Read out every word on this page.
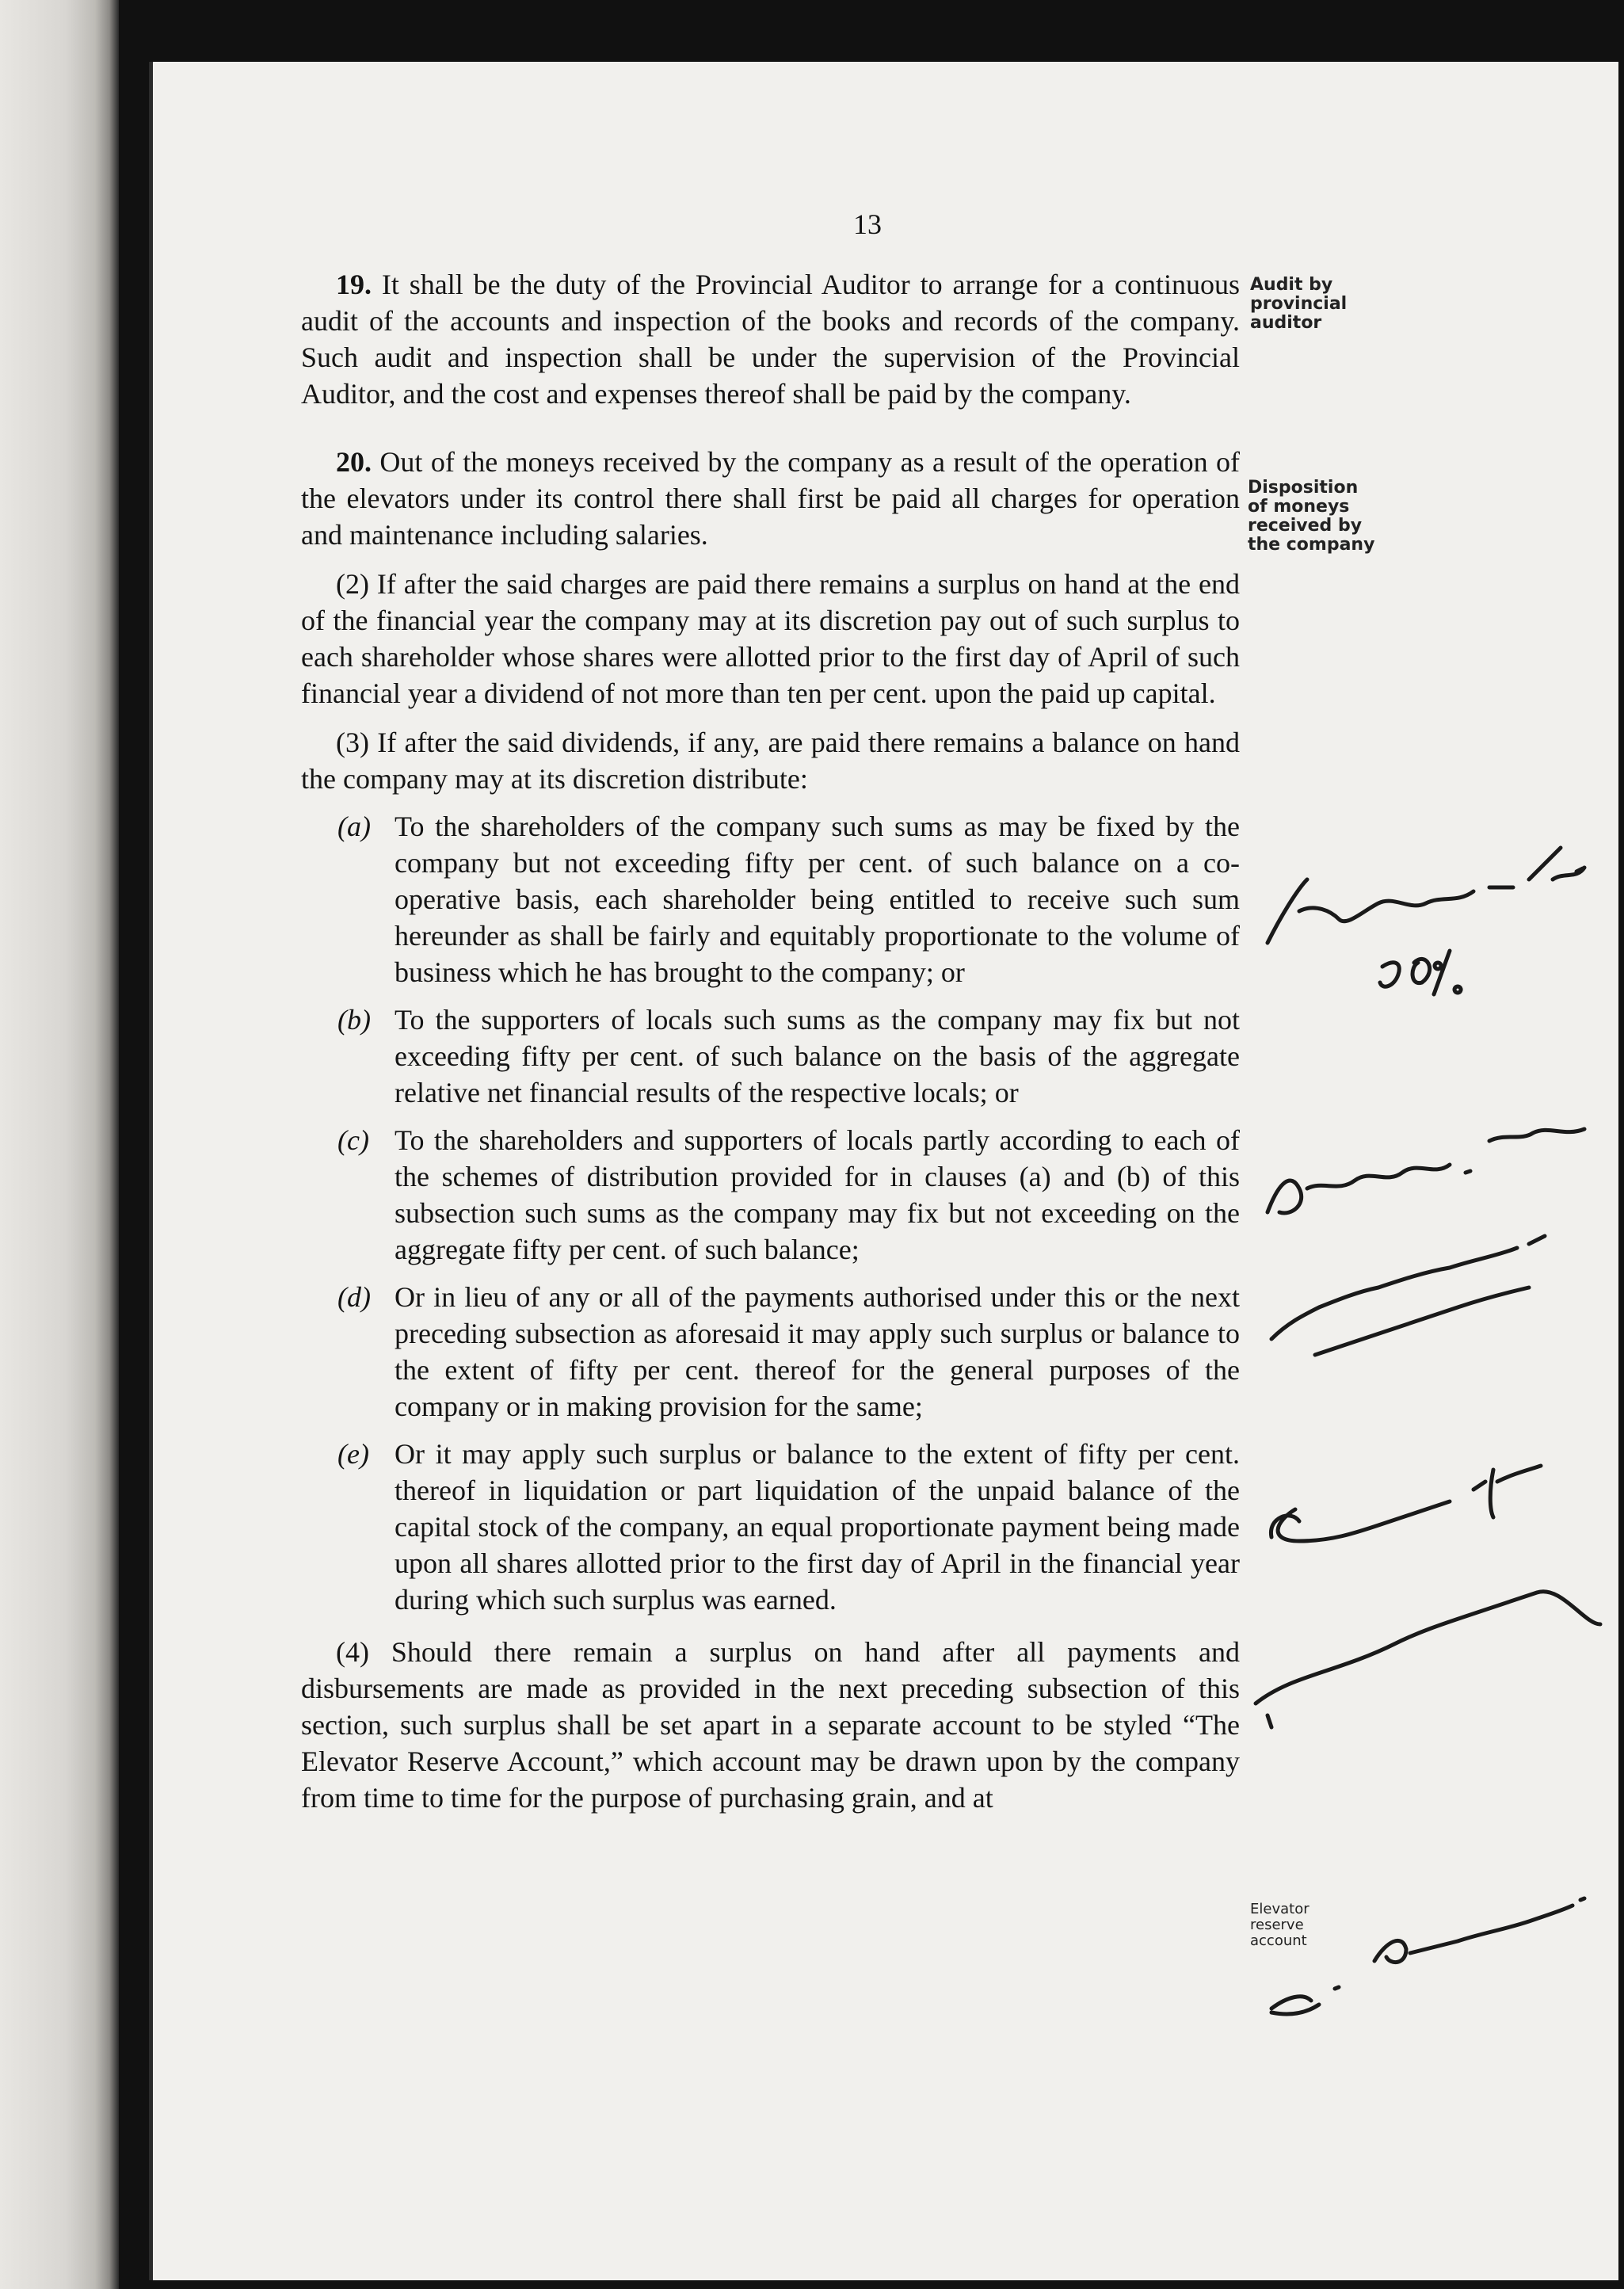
13
Audit by
provincial
auditor
Disposition
of moneys
received by
the company
Elevator
reserve
account

19. It shall be the duty of the Provincial Auditor to arrange for a continuous audit of the accounts and inspection of the books and records of the company. Such audit and inspection shall be under the supervision of the Provincial Auditor, and the cost and expenses thereof shall be paid by the company.

20. Out of the moneys received by the company as a result of the operation of the elevators under its control there shall first be paid all charges for operation and maintenance including salaries.

(2) If after the said charges are paid there remains a surplus on hand at the end of the financial year the company may at its discretion pay out of such surplus to each shareholder whose shares were allotted prior to the first day of April of such financial year a dividend of not more than ten per cent. upon the paid up capital.

(3) If after the said dividends, if any, are paid there remains a balance on hand the company may at its discretion distribute:

(a) To the shareholders of the company such sums as may be fixed by the company but not exceeding fifty per cent. of such balance on a co-operative basis, each shareholder being entitled to receive such sum hereunder as shall be fairly and equitably proportionate to the volume of business which he has brought to the company; or
(b) To the supporters of locals such sums as the company may fix but not exceeding fifty per cent. of such balance on the basis of the aggregate relative net financial results of the respective locals; or
(c) To the shareholders and supporters of locals partly according to each of the schemes of distribution provided for in clauses (a) and (b) of this subsection such sums as the company may fix but not exceeding on the aggregate fifty per cent. of such balance;
(d) Or in lieu of any or all of the payments authorised under this or the next preceding subsection as aforesaid it may apply such surplus or balance to the extent of fifty per cent. thereof for the general purposes of the company or in making provision for the same;
(e) Or it may apply such surplus or balance to the extent of fifty per cent. thereof in liquidation or part liquidation of the unpaid balance of the capital stock of the company, an equal proportionate payment being made upon all shares allotted prior to the first day of April in the financial year during which such surplus was earned.

(4) Should there remain a surplus on hand after all payments and disbursements are made as provided in the next preceding subsection of this section, such surplus shall be set apart in a separate account to be styled “The Elevator Reserve Account,” which account may be drawn upon by the company from time to time for the purpose of purchasing grain, and at
